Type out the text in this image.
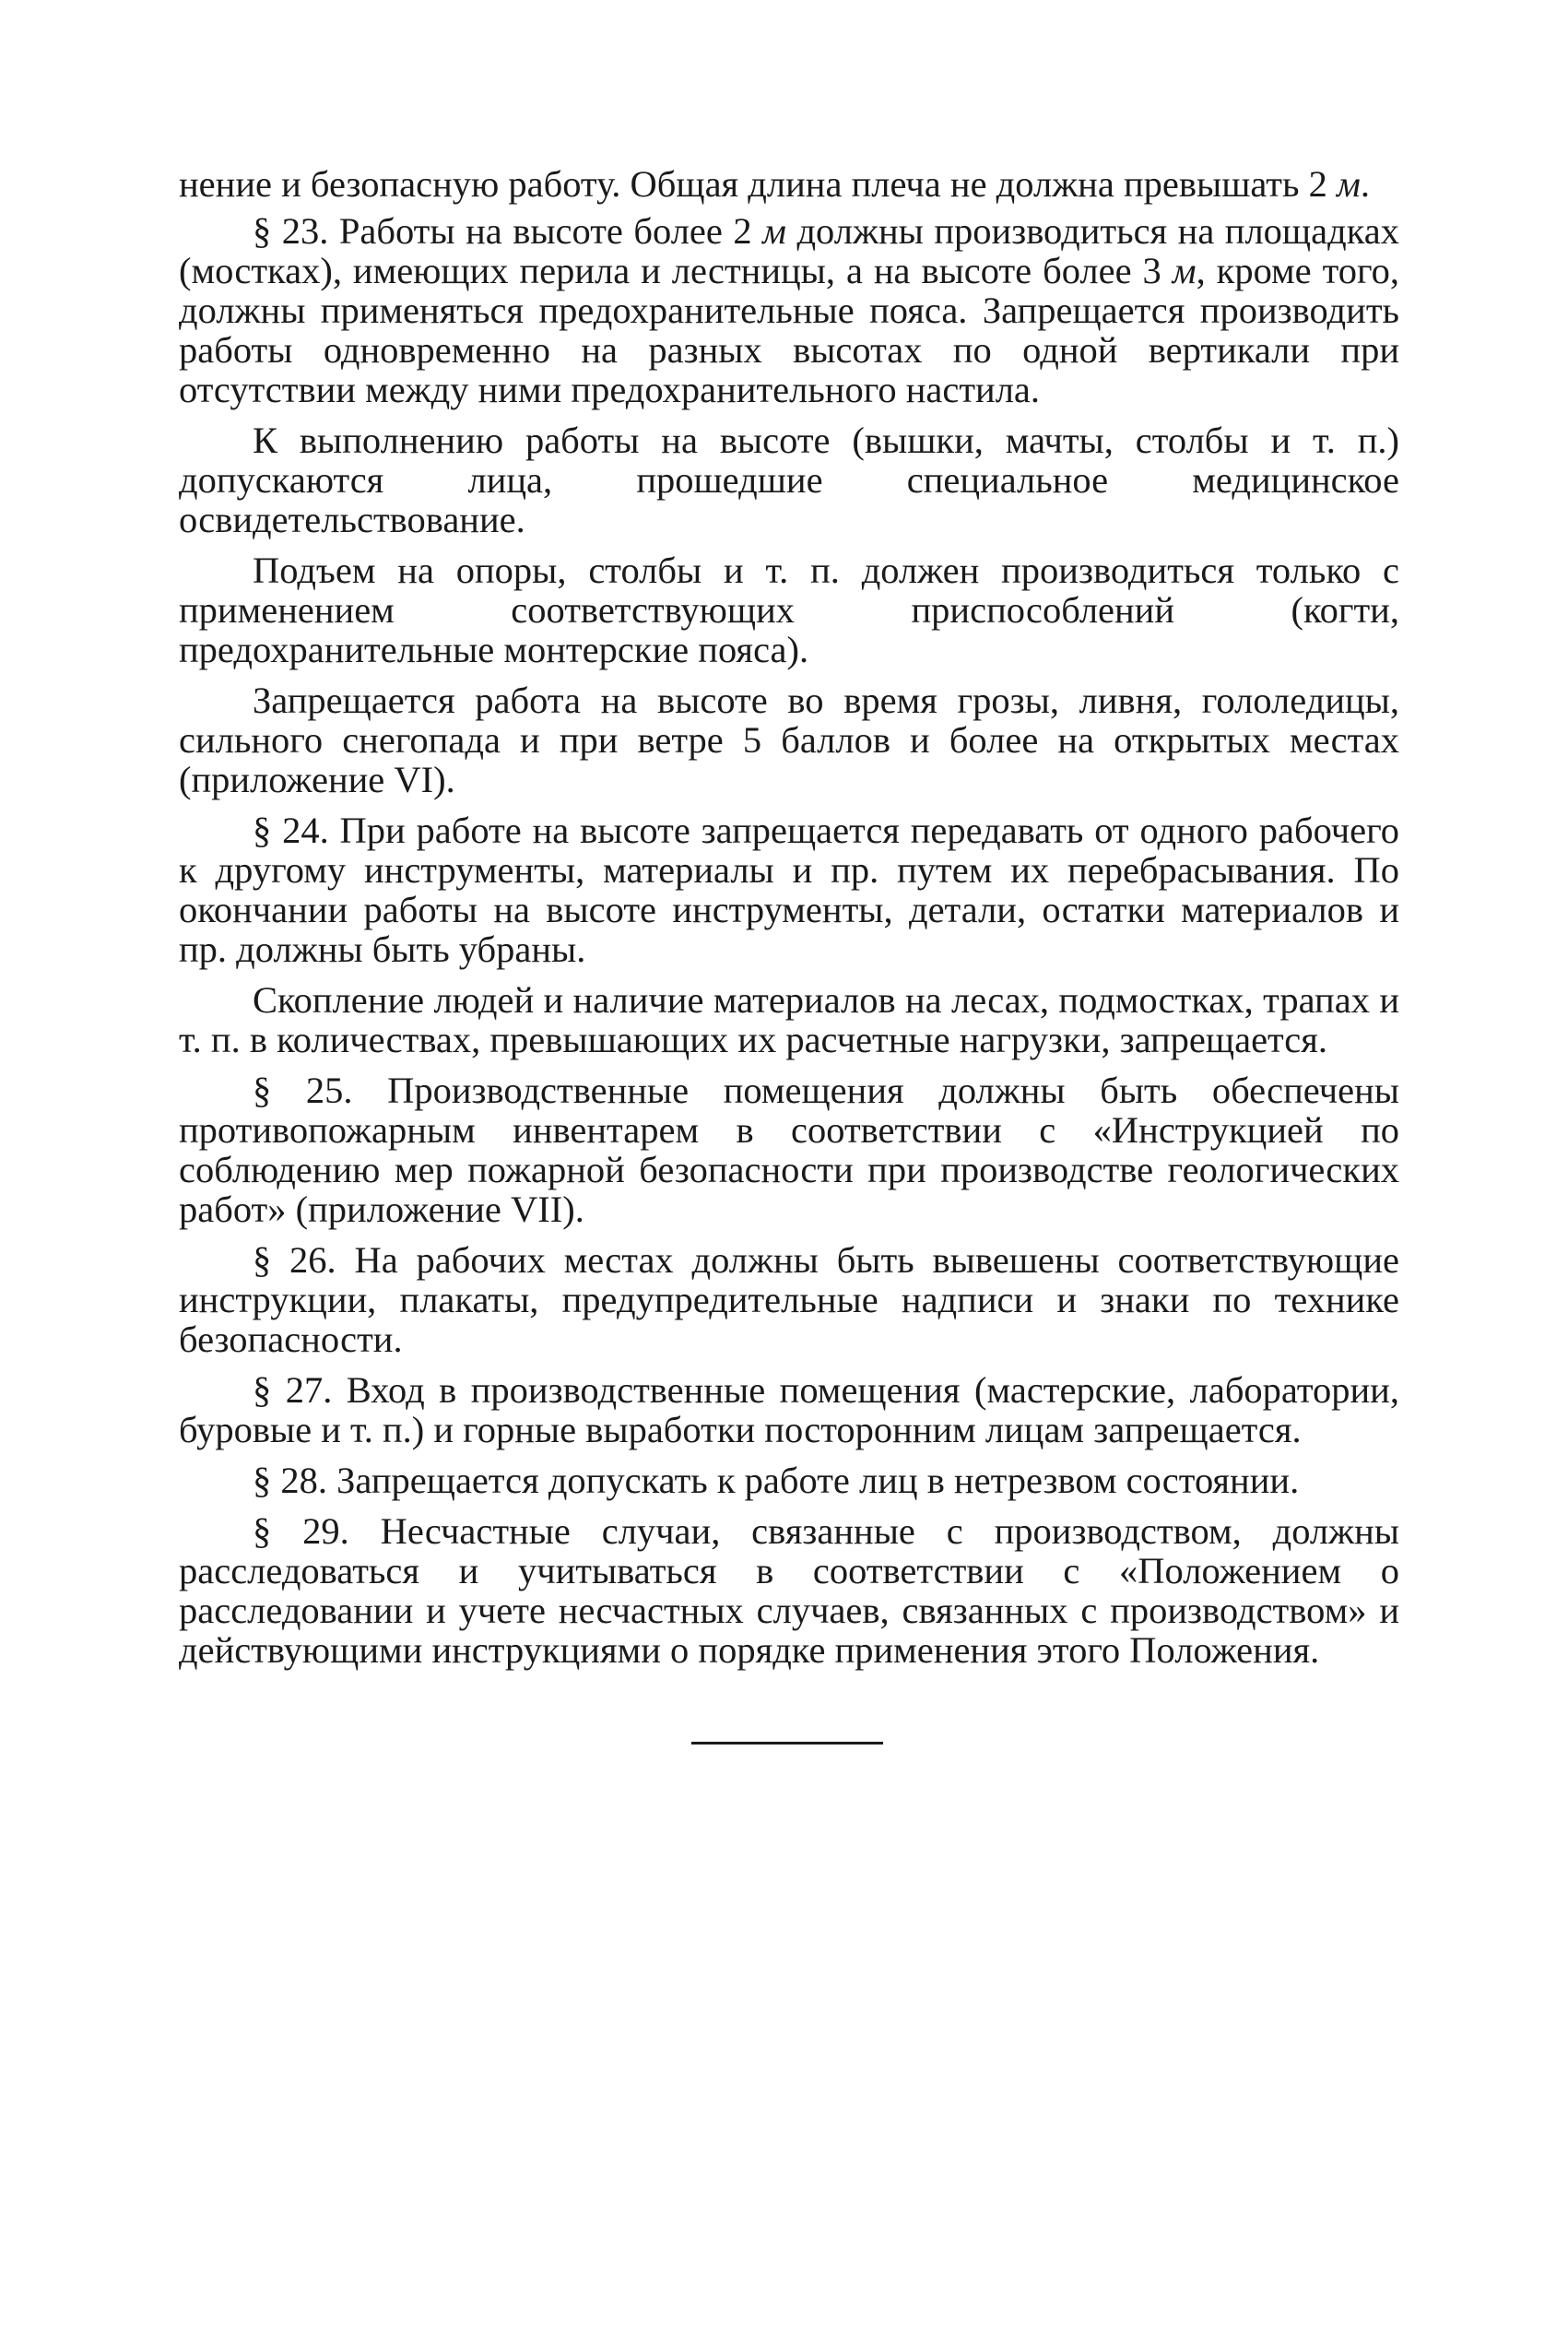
нение и безопасную работу. Общая длина плеча не должна превышать 2 м.

§ 23. Работы на высоте более 2 м должны производиться на площадках (мостках), имеющих перила и лестницы, а на высоте более 3 м, кроме того, должны применяться предохранительные пояса. Запрещается производить работы одновременно на разных высотах по одной вертикали при отсутствии между ними предохранительного настила.

К выполнению работы на высоте (вышки, мачты, столбы и т. п.) допускаются лица, прошедшие специальное медицинское освидетельствование.

Подъем на опоры, столбы и т. п. должен производиться только с применением соответствующих приспособлений (когти, предохранительные монтерские пояса).

Запрещается работа на высоте во время грозы, ливня, гололедицы, сильного снегопада и при ветре 5 баллов и более на открытых местах (приложение VI).

§ 24. При работе на высоте запрещается передавать от одного рабочего к другому инструменты, материалы и пр. путем их перебрасывания. По окончании работы на высоте инструменты, детали, остатки материалов и пр. должны быть убраны.

Скопление людей и наличие материалов на лесах, подмостках, трапах и т. п. в количествах, превышающих их расчетные нагрузки, запрещается.

§ 25. Производственные помещения должны быть обеспечены противопожарным инвентарем в соответствии с «Инструкцией по соблюдению мер пожарной безопасности при производстве геологических работ» (приложение VII).

§ 26. На рабочих местах должны быть вывешены соответствующие инструкции, плакаты, предупредительные надписи и знаки по технике безопасности.

§ 27. Вход в производственные помещения (мастерские, лаборатории, буровые и т. п.) и горные выработки посторонним лицам запрещается.

§ 28. Запрещается допускать к работе лиц в нетрезвом состоянии.

§ 29. Несчастные случаи, связанные с производством, должны расследоваться и учитываться в соответствии с «Положением о расследовании и учете несчастных случаев, связанных с производством» и действующими инструкциями о порядке применения этого Положения.
